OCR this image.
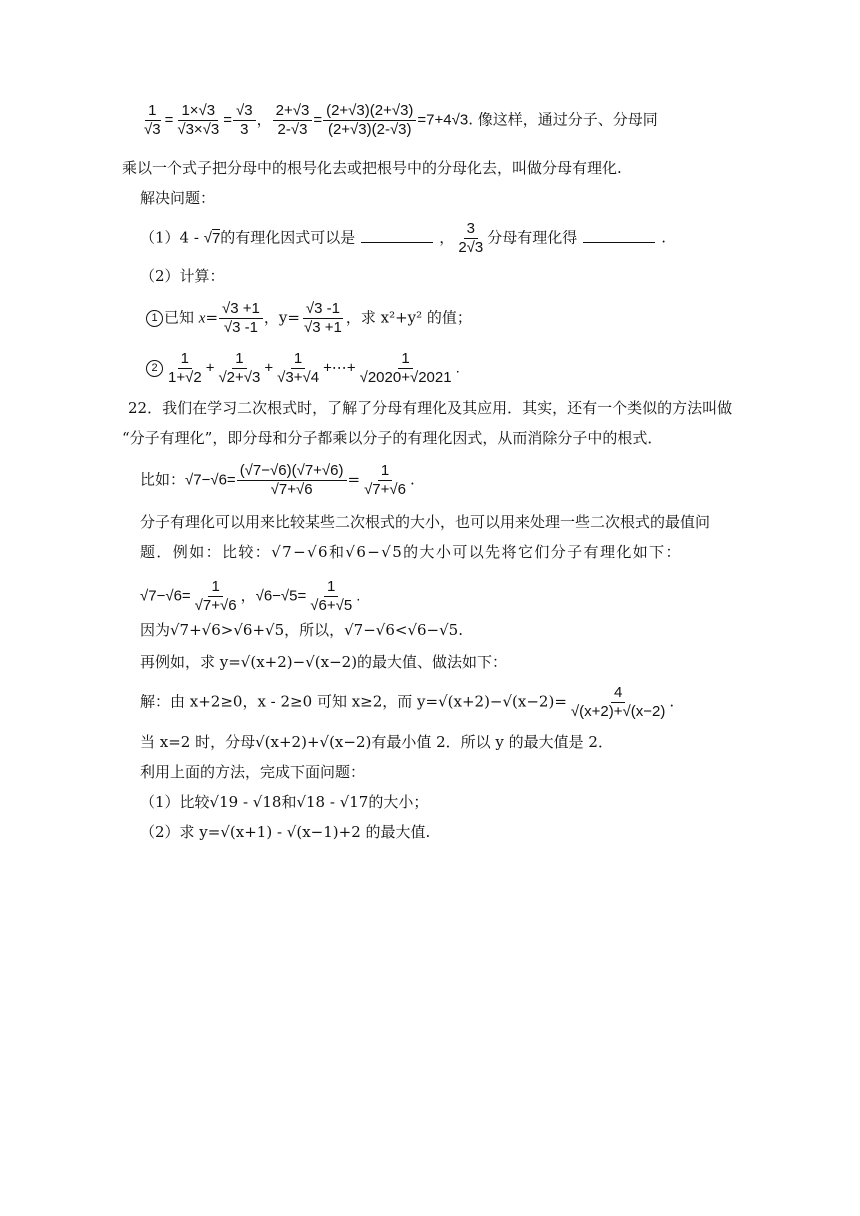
$\frac{1}{√3} = \frac{1\times√3}{√3\times√3} = \frac{√3}{3}$ ， $\frac{2+√3}{2-√3} = \frac{(2+√3)(2+√3)}{(2+√3)(2-√3)} =7+4√3$. 像这样，通过分子、分母同
乘以一个式子把分母中的根号化去或把根号中的分母化去，叫做分母有理化.
解决问题：
（1）4 - √7的有理化因式可以是	， $\frac{3}{2√3}$ 分母有理化得	.
（2）计算：
1 已知 $x= \frac{√3 +1}{√3 -1}$ ，$y= \frac{√3 -1}{√3 +1}$ ，求 x²+y² 的值；
$2 \frac{1}{1+√2} + \frac{1}{√2+√3} + \frac{1}{√3+√4}$ +⋯+ $\frac{1}{√2020+√2021}$ .
22．我们在学习二次根式时，了解了分母有理化及其应用．其实，还有一个类似的方法叫做
“分子有理化”，即分母和分子都乘以分子的有理化因式，从而消除分子中的根式．
比如：$√7-√6= \frac{(√7-√6)(√7+√6)}{√7+√6} = \frac{1}{√7+√6}$ .
分子有理化可以用来比较某些二次根式的大小，也可以用来处理一些二次根式的最值问
题．例如：比较：√7−√6和√6−√5的大小可以先将它们分子有理化如下：
$√7-√6= \frac{1}{√7+√6}$ ，$√6-√5= \frac{1}{√6+√5}$ .
因为√7+√6>√6+√5，所以，√7−√6<√6−√5.
再例如，求 y=√(x+2)−√(x−2)的最大值、做法如下：
解：由 x+2≥0，x - 2≥0 可知 x≥2，而 $y=√(x+2)-√(x-2)= \frac{4}{√(x+2)+√(x-2)}$ .
当 x=2 时，分母√(x+2)+√(x−2)有最小值 2．所以 y 的最大值是 2．
利用上面的方法，完成下面问题：
（1）比较√19 - √18和√18 - √17的大小；
（2）求 y=√(x+1) - √(x−1)+2 的最大值.
